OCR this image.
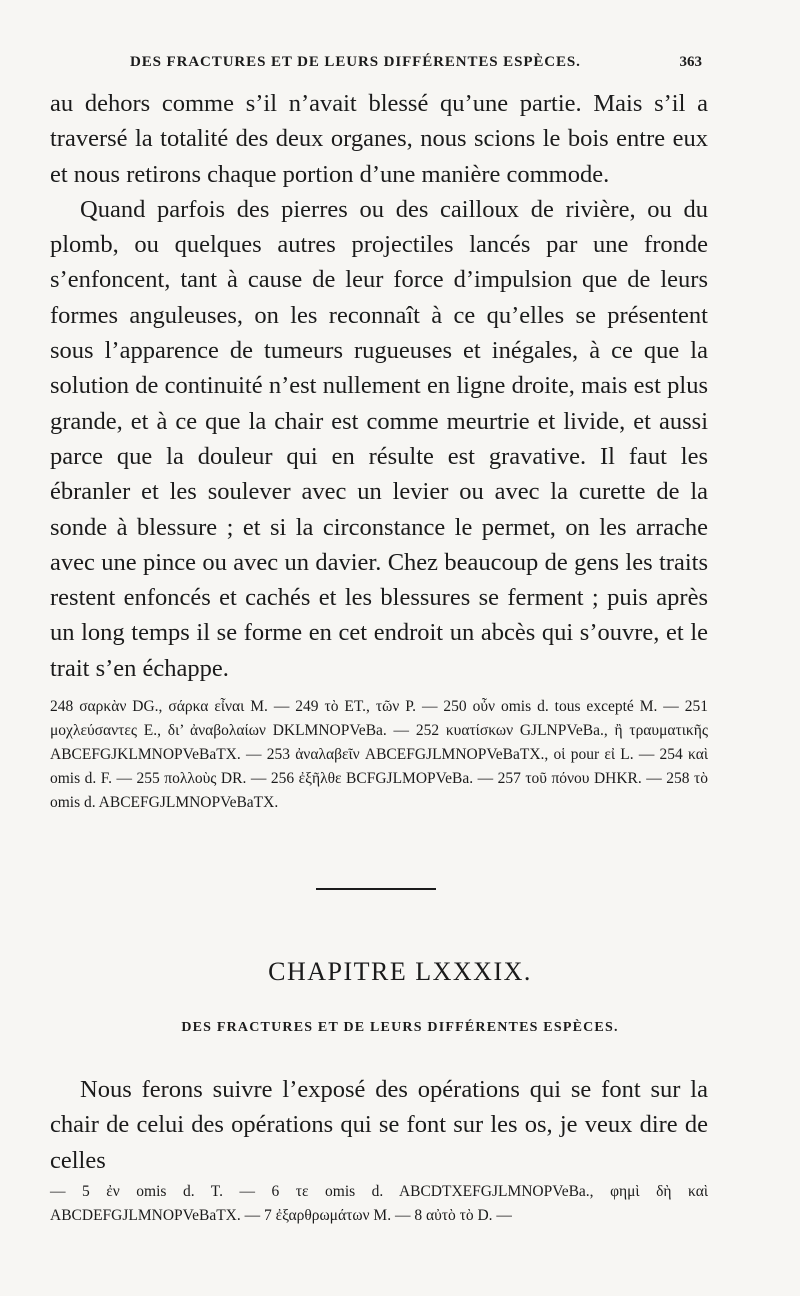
DES FRACTURES ET DE LEURS DIFFÉRENTES ESPÈCES.	363

au dehors comme s’il n’avait blessé qu’une partie. Mais s’il a traversé la totalité des deux organes, nous scions le bois entre eux et nous retirons chaque portion d’une manière commode.

Quand parfois des pierres ou des cailloux de rivière, ou du plomb, ou quelques autres projectiles lancés par une fronde s’enfoncent, tant à cause de leur force d’impulsion que de leurs formes anguleuses, on les reconnaît à ce qu’elles se présentent sous l’apparence de tumeurs rugueuses et inégales, à ce que la solution de continuité n’est nullement en ligne droite, mais est plus grande, et à ce que la chair est comme meurtrie et livide, et aussi parce que la douleur qui en résulte est gravative. Il faut les ébranler et les soulever avec un levier ou avec la curette de la sonde à blessure ; et si la circonstance le permet, on les arrache avec une pince ou avec un davier. Chez beaucoup de gens les traits restent enfoncés et cachés et les blessures se ferment ; puis après un long temps il se forme en cet endroit un abcès qui s’ouvre, et le trait s’en échappe.

248 σαρκὰν DG., σάρκα εἶναι M. — 249 τὸ ET., τῶν P. — 250 οὖν omis d. tous excepté M. — 251 μοχλεύσαντες E., δι’ ἀναβολαίων DKLMNOPVeBa. — 252 κυατίσκων GJLNPVeBa., ἢ τραυματικῆς ABCEFGJKLMNOPVeBaTX. — 253 ἀναλαβεῖν ABCEFGJLMNOPVeBaTX., οἱ pour εἰ L. — 254 καὶ omis d. F. — 255 πολλοὺς DR. — 256 ἐξῆλθε BCFGJLMOPVeBa. — 257 τοῦ πόνου DHKR. — 258 τὸ omis d. ABCEFGJLMNOPVeBaTX.

CHAPITRE LXXXIX.
DES FRACTURES ET DE LEURS DIFFÉRENTES ESPÈCES.

Nous ferons suivre l’exposé des opérations qui se font sur la chair de celui des opérations qui se font sur les os, je veux dire de celles

— 5 ἐν omis d. T. — 6 τε omis d. ABCDTXEFGJLMNOPVeBa., φημὶ δὴ καὶ ABCDEFGJLMNOPVeBaTX. — 7 ἐξαρθρωμάτων M. — 8 αὐτὸ τὸ D. —
